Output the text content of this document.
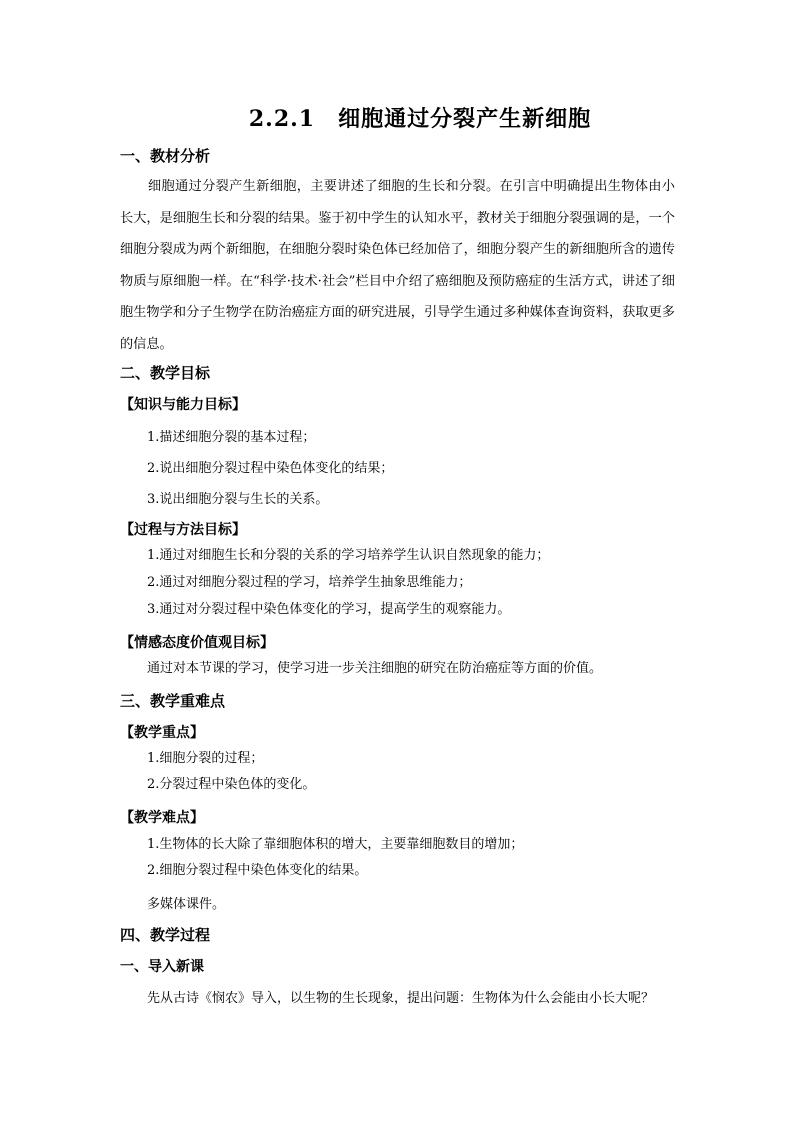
2.2.1　细胞通过分裂产生新细胞
一、教材分析
细胞通过分裂产生新细胞，主要讲述了细胞的生长和分裂。在引言中明确提出生物体由小长大，是细胞生长和分裂的结果。鉴于初中学生的认知水平，教材关于细胞分裂强调的是，一个细胞分裂成为两个新细胞，在细胞分裂时染色体已经加倍了，细胞分裂产生的新细胞所含的遗传物质与原细胞一样。在“科学·技术·社会”栏目中介绍了癌细胞及预防癌症的生活方式，讲述了细胞生物学和分子生物学在防治癌症方面的研究进展，引导学生通过多种媒体查询资料，获取更多的信息。
二、教学目标
【知识与能力目标】
1.描述细胞分裂的基本过程；
2.说出细胞分裂过程中染色体变化的结果；
3.说出细胞分裂与生长的关系。
【过程与方法目标】
1.通过对细胞生长和分裂的关系的学习培养学生认识自然现象的能力；
2.通过对细胞分裂过程的学习，培养学生抽象思维能力；
3.通过对分裂过程中染色体变化的学习，提高学生的观察能力。
【情感态度价值观目标】
通过对本节课的学习，使学习进一步关注细胞的研究在防治癌症等方面的价值。
三、教学重难点
【教学重点】
1.细胞分裂的过程；
2.分裂过程中染色体的变化。
【教学难点】
1.生物体的长大除了靠细胞体积的增大，主要靠细胞数目的增加；
2.细胞分裂过程中染色体变化的结果。
多媒体课件。
四、教学过程
一、导入新课
先从古诗《悯农》导入，以生物的生长现象，提出问题：生物体为什么会能由小长大呢？
